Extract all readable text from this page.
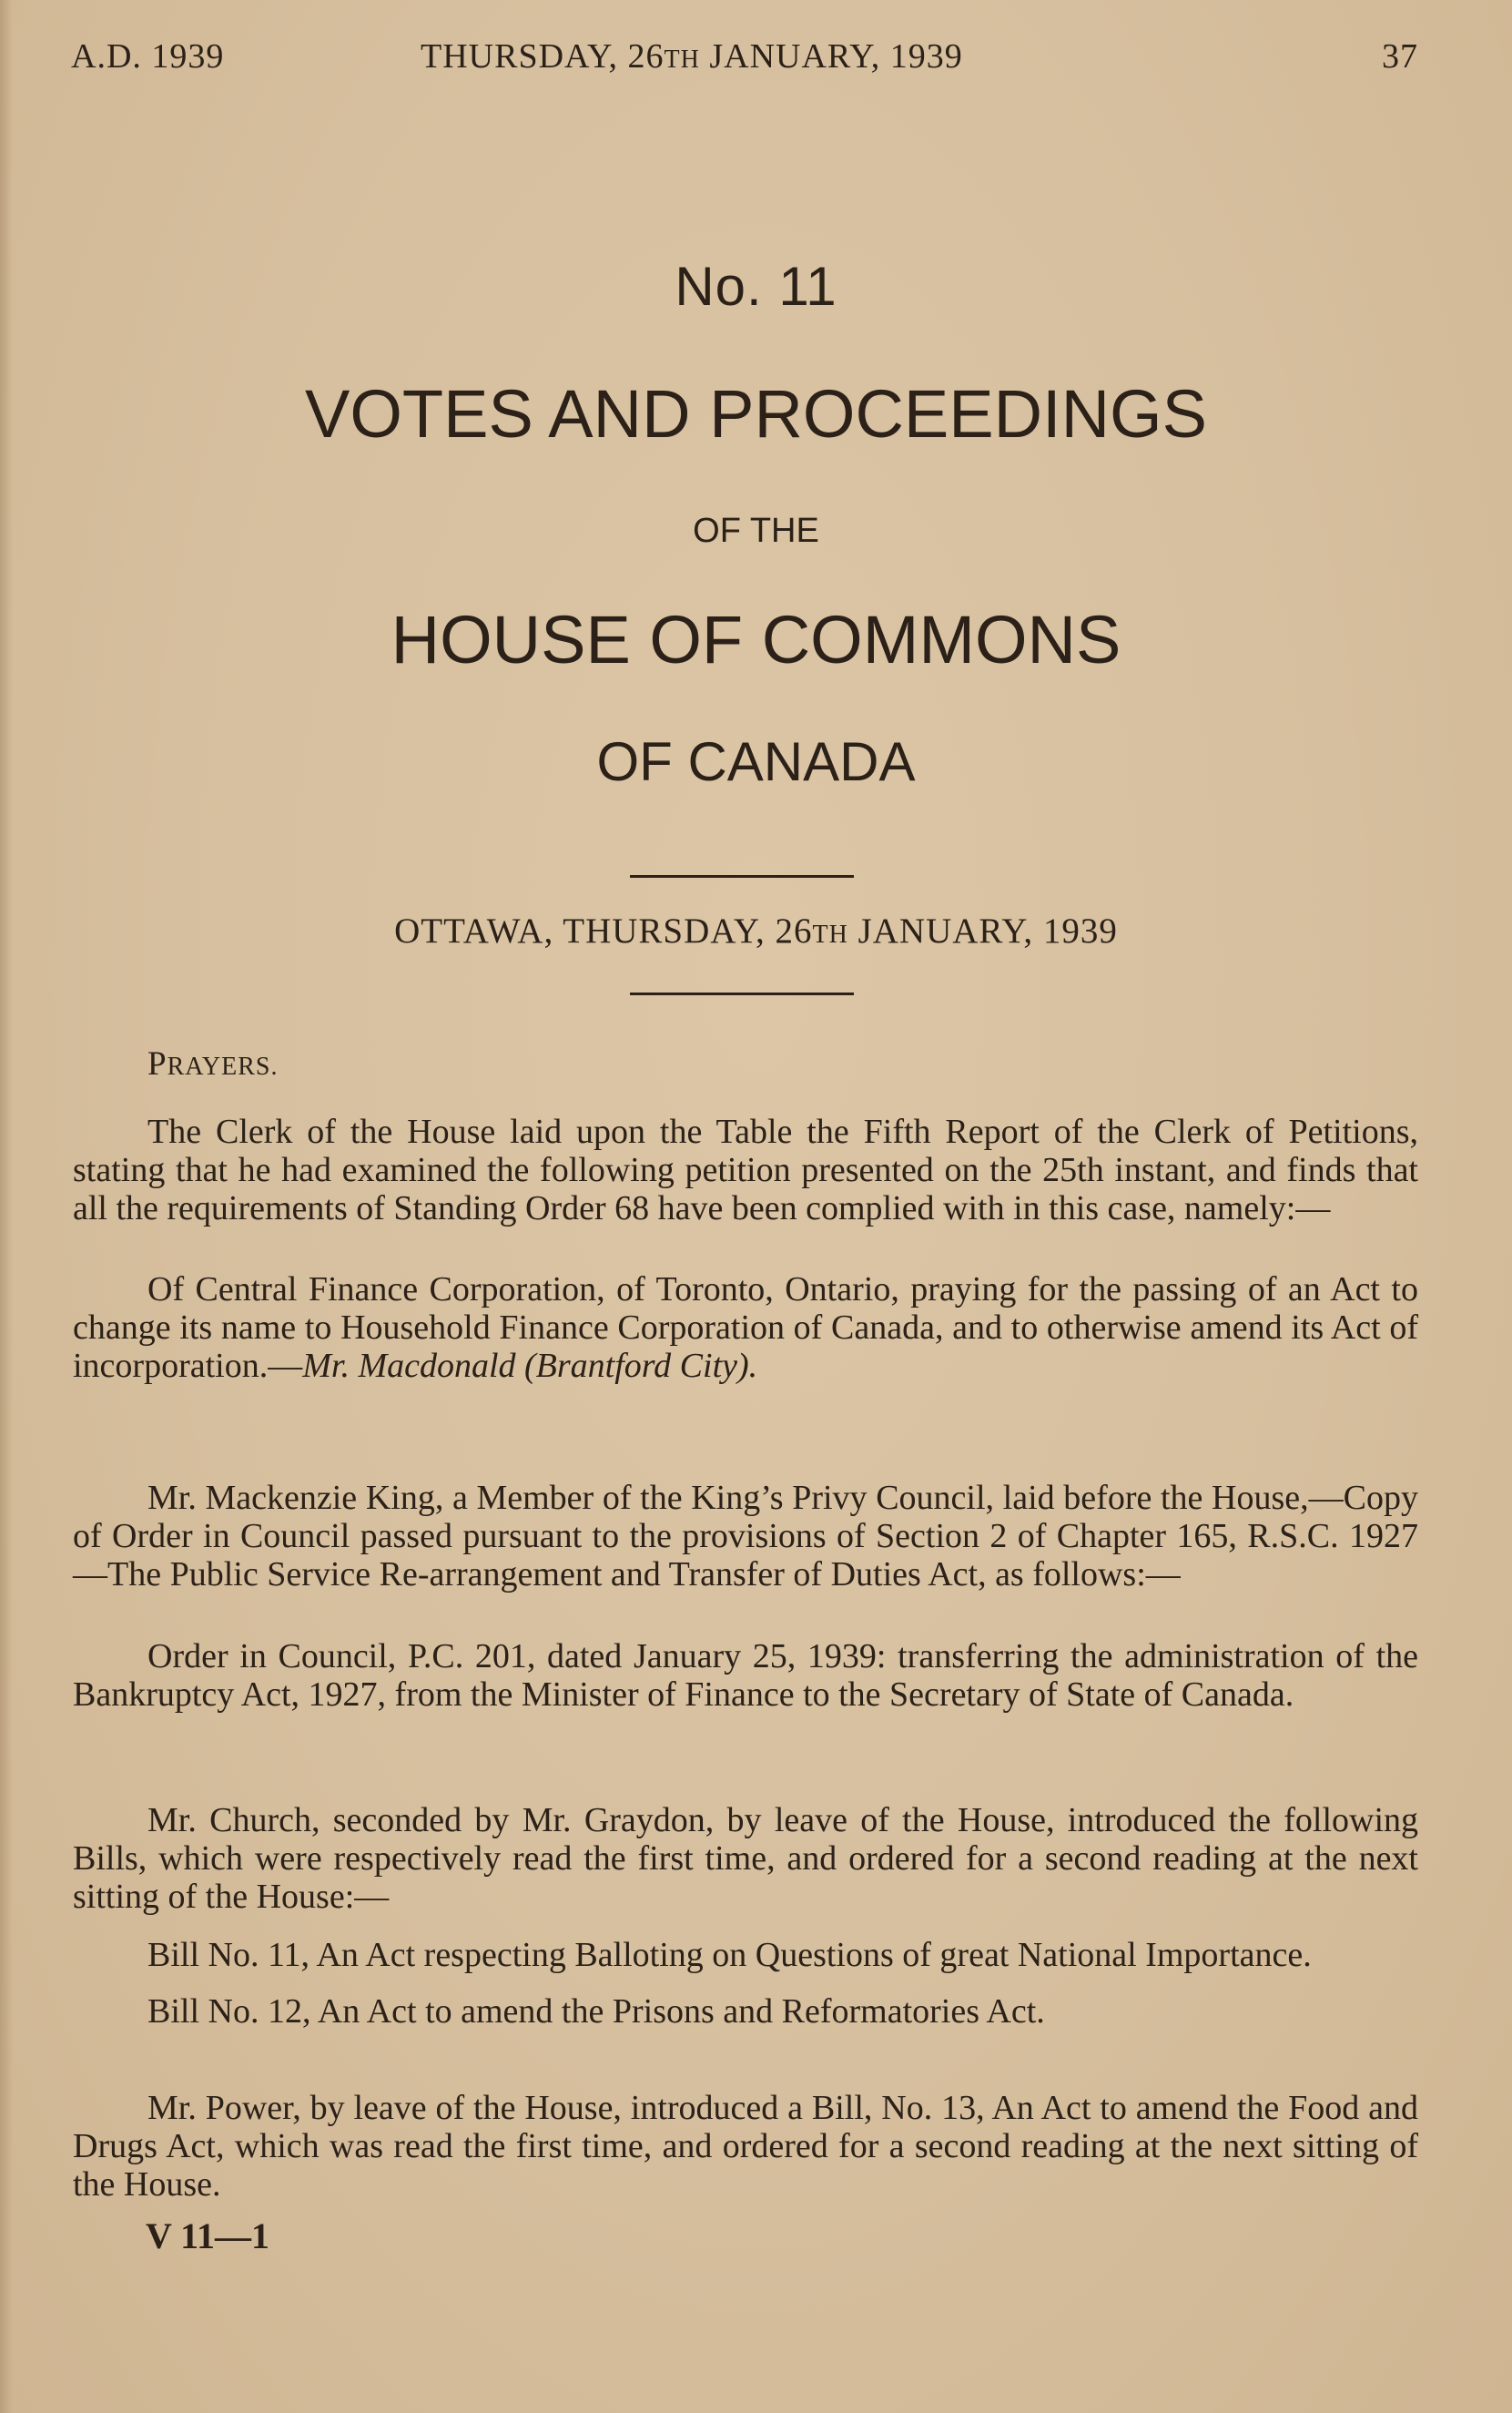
A.D. 1939	THURSDAY, 26TH JANUARY, 1939	37
No. 11
VOTES AND PROCEEDINGS
OF THE
HOUSE OF COMMONS
OF CANADA
OTTAWA, THURSDAY, 26TH JANUARY, 1939
PRAYERS.

The Clerk of the House laid upon the Table the Fifth Report of the Clerk of Petitions, stating that he had examined the following petition presented on the 25th instant, and finds that all the requirements of Standing Order 68 have been complied with in this case, namely:—

Of Central Finance Corporation, of Toronto, Ontario, praying for the passing of an Act to change its name to Household Finance Corporation of Canada, and to otherwise amend its Act of incorporation.—Mr. Macdonald (Brantford City).

Mr. Mackenzie King, a Member of the King’s Privy Council, laid before the House,—Copy of Order in Council passed pursuant to the provisions of Section 2 of Chapter 165, R.S.C. 1927—The Public Service Re-arrangement and Transfer of Duties Act, as follows:—

Order in Council, P.C. 201, dated January 25, 1939: transferring the administration of the Bankruptcy Act, 1927, from the Minister of Finance to the Secretary of State of Canada.

Mr. Church, seconded by Mr. Graydon, by leave of the House, introduced the following Bills, which were respectively read the first time, and ordered for a second reading at the next sitting of the House:—

Bill No. 11, An Act respecting Balloting on Questions of great National Importance.

Bill No. 12, An Act to amend the Prisons and Reformatories Act.

Mr. Power, by leave of the House, introduced a Bill, No. 13, An Act to amend the Food and Drugs Act, which was read the first time, and ordered for a second reading at the next sitting of the House.

V 11—1
